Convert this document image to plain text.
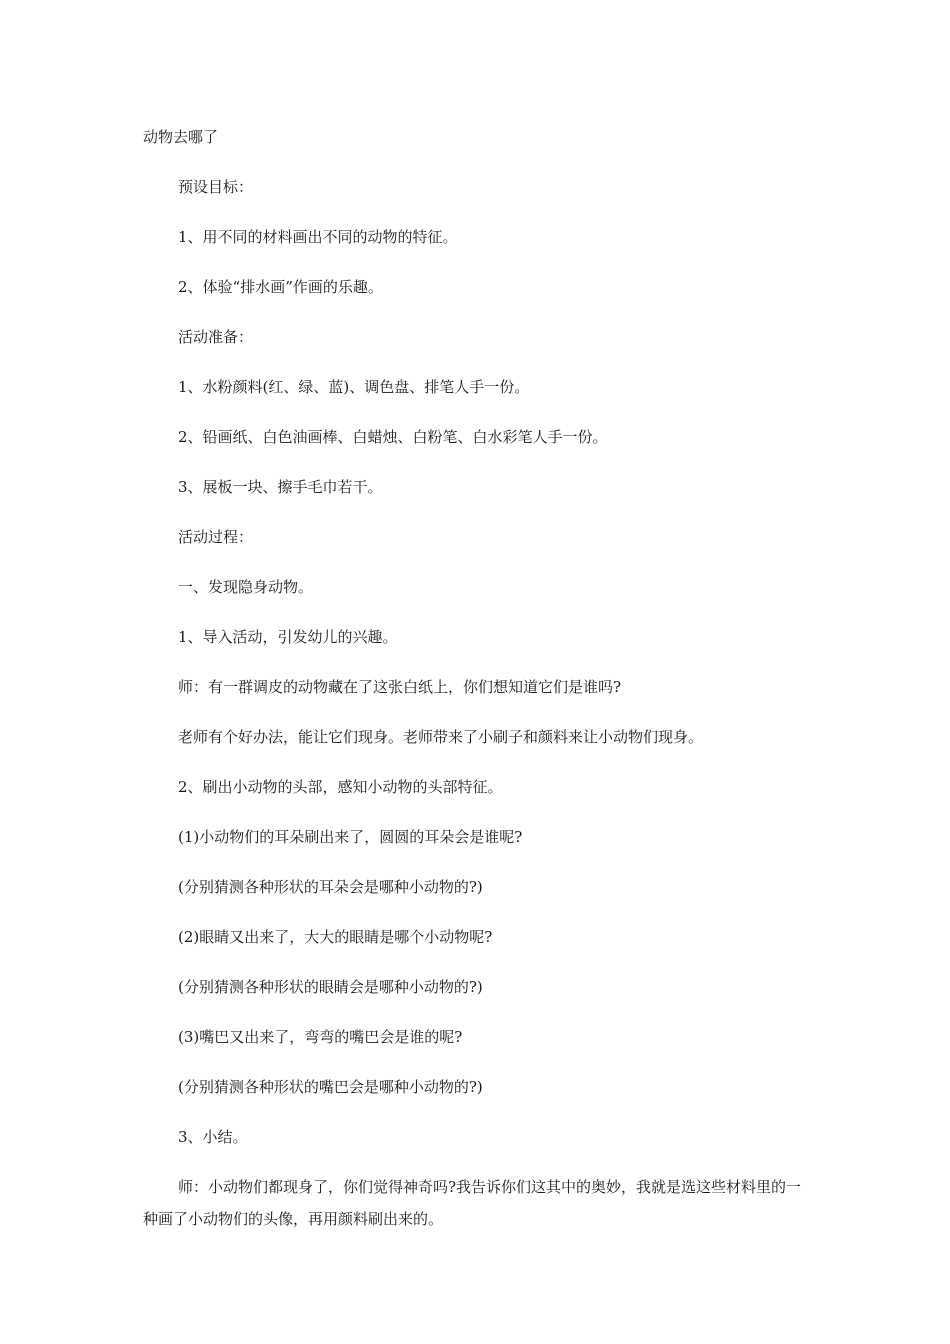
动物去哪了
预设目标：
1、用不同的材料画出不同的动物的特征。
2、体验“排水画”作画的乐趣。
活动准备：
1、水粉颜料(红、绿、蓝)、调色盘、排笔人手一份。
2、铅画纸、白色油画棒、白蜡烛、白粉笔、白水彩笔人手一份。
3、展板一块、擦手毛巾若干。
活动过程：
一、发现隐身动物。
1、导入活动，引发幼儿的兴趣。
师：有一群调皮的动物藏在了这张白纸上，你们想知道它们是谁吗?
老师有个好办法，能让它们现身。老师带来了小刷子和颜料来让小动物们现身。
2、刷出小动物的头部，感知小动物的头部特征。
(1)小动物们的耳朵刷出来了，圆圆的耳朵会是谁呢?
(分别猜测各种形状的耳朵会是哪种小动物的?)
(2)眼睛又出来了，大大的眼睛是哪个小动物呢?
(分别猜测各种形状的眼睛会是哪种小动物的?)
(3)嘴巴又出来了，弯弯的嘴巴会是谁的呢?
(分别猜测各种形状的嘴巴会是哪种小动物的?)
3、小结。
师：小动物们都现身了，你们觉得神奇吗?我告诉你们这其中的奥妙，我就是选这些材料里的一种画了小动物们的头像，再用颜料刷出来的。
